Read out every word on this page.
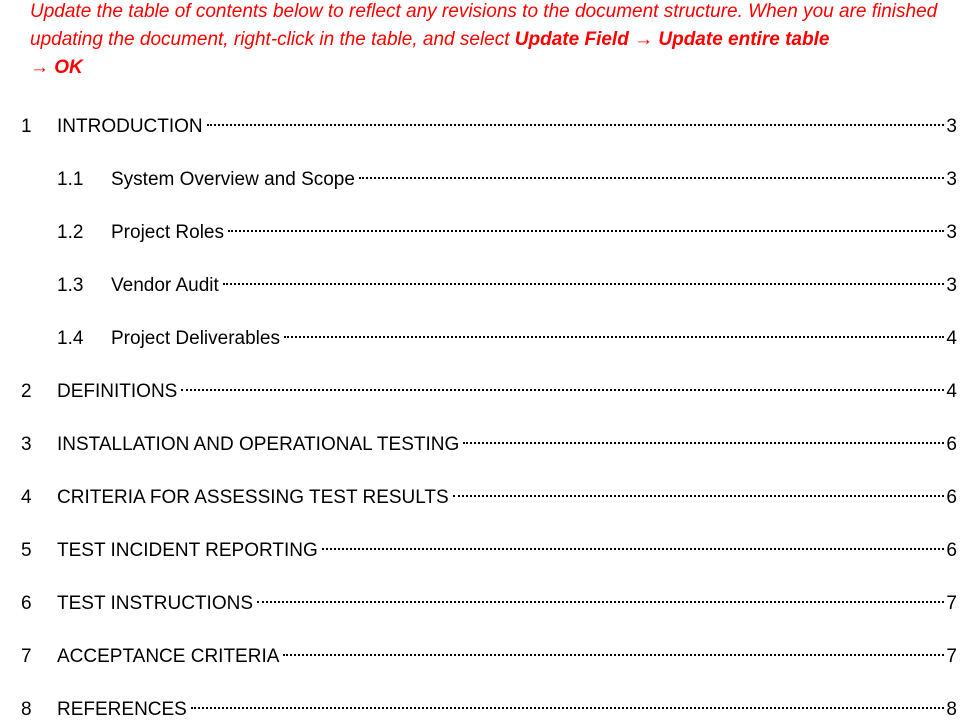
Update the table of contents below to reflect any revisions to the document structure. When you are finished updating the document, right-click in the table, and select Update Field → Update entire table
→ OK
1	INTRODUCTION	3
1.1	System Overview and Scope	3
1.2	Project Roles	3
1.3	Vendor Audit	3
1.4	Project Deliverables	4
2	DEFINITIONS	4
3	INSTALLATION AND OPERATIONAL TESTING	6
4	CRITERIA FOR ASSESSING TEST RESULTS	6
5	TEST INCIDENT REPORTING	6
6	TEST INSTRUCTIONS	7
7	ACCEPTANCE CRITERIA	7
8	REFERENCES	8
